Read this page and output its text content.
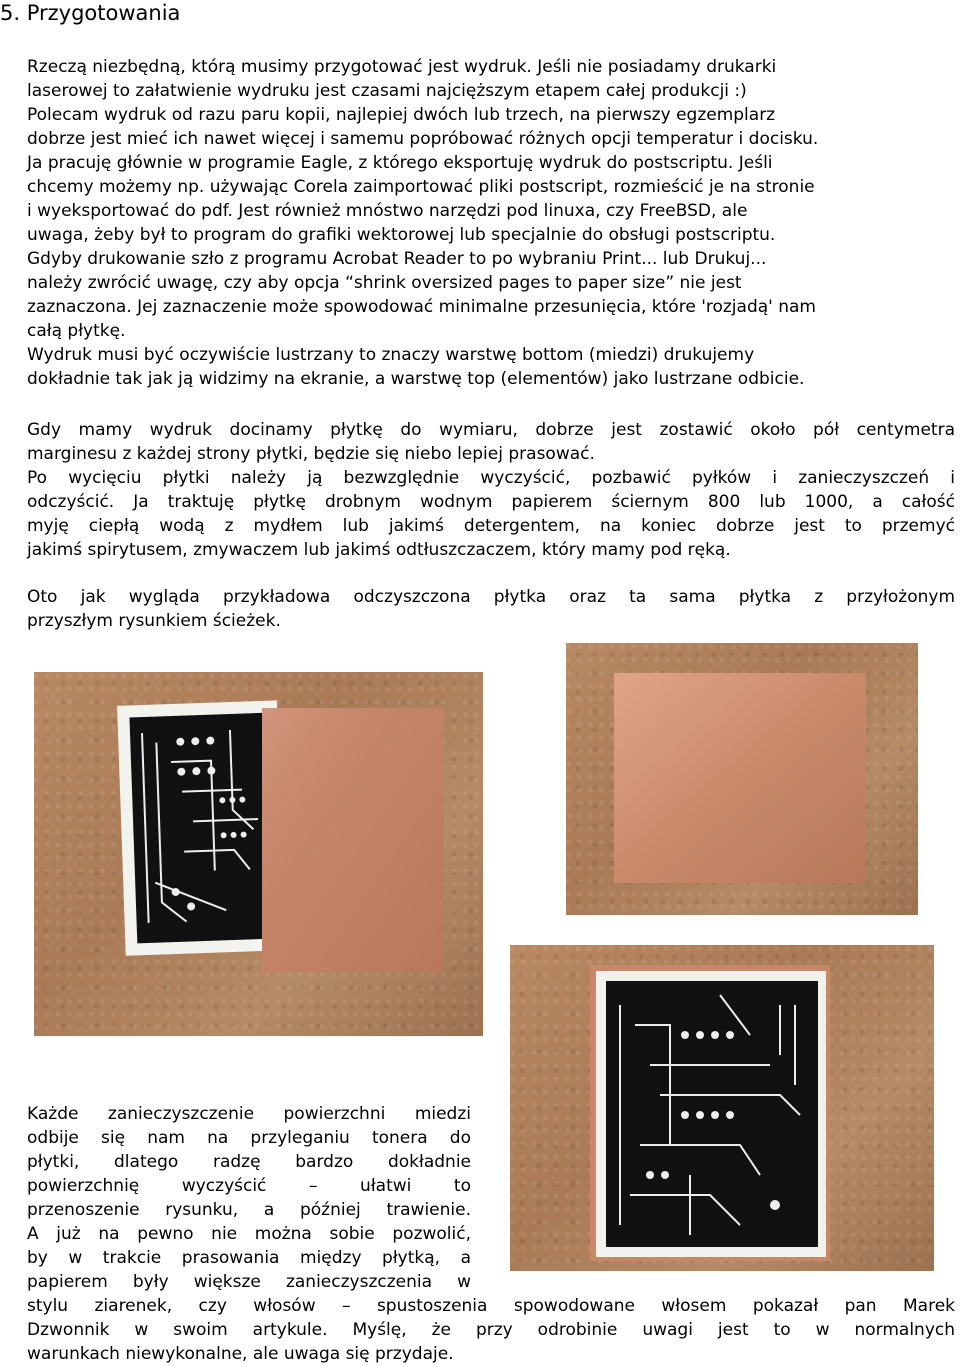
5. Przygotowania
Rzeczą niezbędną, którą musimy przygotować jest wydruk. Jeśli nie posiadamy drukarki
laserowej to załatwienie wydruku jest czasami najcięższym etapem całej produkcji :)
Polecam wydruk od razu paru kopii, najlepiej dwóch lub trzech, na pierwszy egzemplarz
dobrze jest mieć ich nawet więcej i samemu popróbować różnych opcji temperatur i docisku.
Ja pracuję głównie w programie Eagle, z którego eksportuję wydruk do postscriptu. Jeśli
chcemy możemy np. używając Corela zaimportować pliki postscript, rozmieścić je na stronie
i wyeksportować do pdf. Jest również mnóstwo narzędzi pod linuxa, czy FreeBSD, ale
uwaga, żeby był to program do grafiki wektorowej lub specjalnie do obsługi postscriptu.
Gdyby drukowanie szło z programu Acrobat Reader to po wybraniu Print... lub Drukuj...
należy zwrócić uwagę, czy aby opcja “shrink oversized pages to paper size” nie jest
zaznaczona. Jej zaznaczenie może spowodować minimalne przesunięcia, które 'rozjadą' nam
całą płytkę.
Wydruk musi być oczywiście lustrzany to znaczy warstwę bottom (miedzi) drukujemy
dokładnie tak jak ją widzimy na ekranie, a warstwę top (elementów) jako lustrzane odbicie.
Gdy mamy wydruk docinamy płytkę do wymiaru, dobrze jest zostawić około pół centymetra
marginesu z każdej strony płytki, będzie się niebo lepiej prasować.
Po wycięciu płytki należy ją bezwzględnie wyczyścić, pozbawić pyłków i zanieczyszczeń i
odczyścić. Ja traktuję płytkę drobnym wodnym papierem ściernym 800 lub 1000, a całość
myję ciepłą wodą z mydłem lub jakimś detergentem, na koniec dobrze jest to przemyć
jakimś spirytusem, zmywaczem lub jakimś odtłuszczaczem, który mamy pod ręką.
Oto jak wygląda przykładowa odczyszczona płytka oraz ta sama płytka z przyłożonym
przyszłym rysunkiem ścieżek.
Każde zanieczyszczenie powierzchni miedzi
odbije się nam na przyleganiu tonera do
płytki, dlatego radzę bardzo dokładnie
powierzchnię wyczyścić – ułatwi to
przenoszenie rysunku, a później trawienie.
A już na pewno nie można sobie pozwolić,
by w trakcie prasowania między płytką, a
papierem były większe zanieczyszczenia w
stylu ziarenek, czy włosów – spustoszenia spowodowane włosem pokazał pan Marek
Dzwonnik w swoim artykule. Myślę, że przy odrobinie uwagi jest to w normalnych
warunkach niewykonalne, ale uwaga się przydaje.
